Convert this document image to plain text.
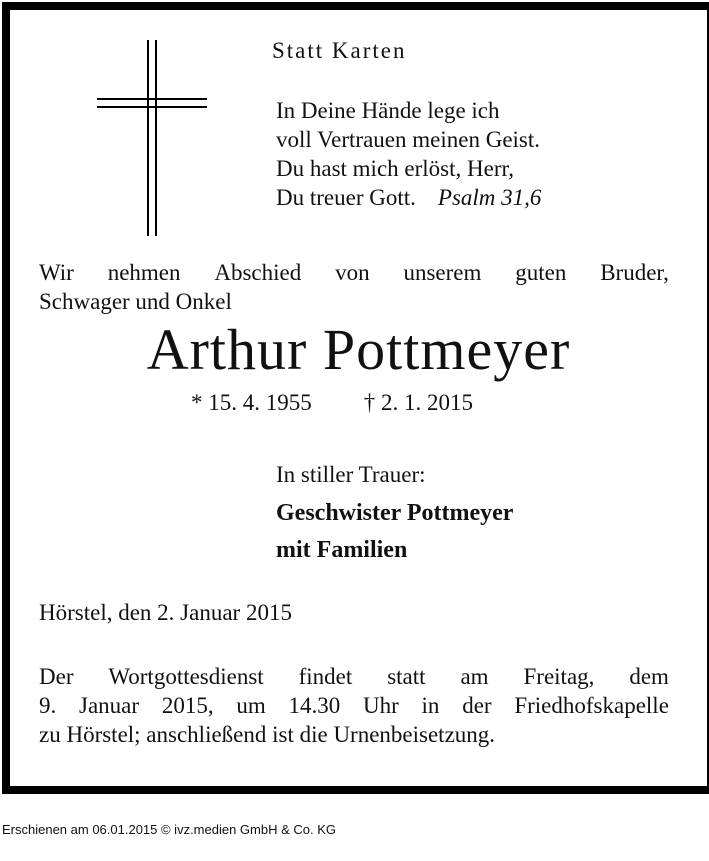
Statt Karten
In Deine Hände lege ich
voll Vertrauen meinen Geist.
Du hast mich erlöst, Herr,
Du treuer Gott. Psalm 31,6
Wir nehmen Abschied von unserem guten Bruder,
Schwager und Onkel
Arthur Pottmeyer
* 15. 4. 1955 † 2. 1. 2015
In stiller Trauer:
Geschwister Pottmeyer
mit Familien
Hörstel, den 2. Januar 2015
Der Wortgottesdienst findet statt am Freitag, dem
9. Januar 2015, um 14.30 Uhr in der Friedhofskapelle
zu Hörstel; anschließend ist die Urnenbeisetzung.
Erschienen am 06.01.2015 © ivz.medien GmbH & Co. KG
